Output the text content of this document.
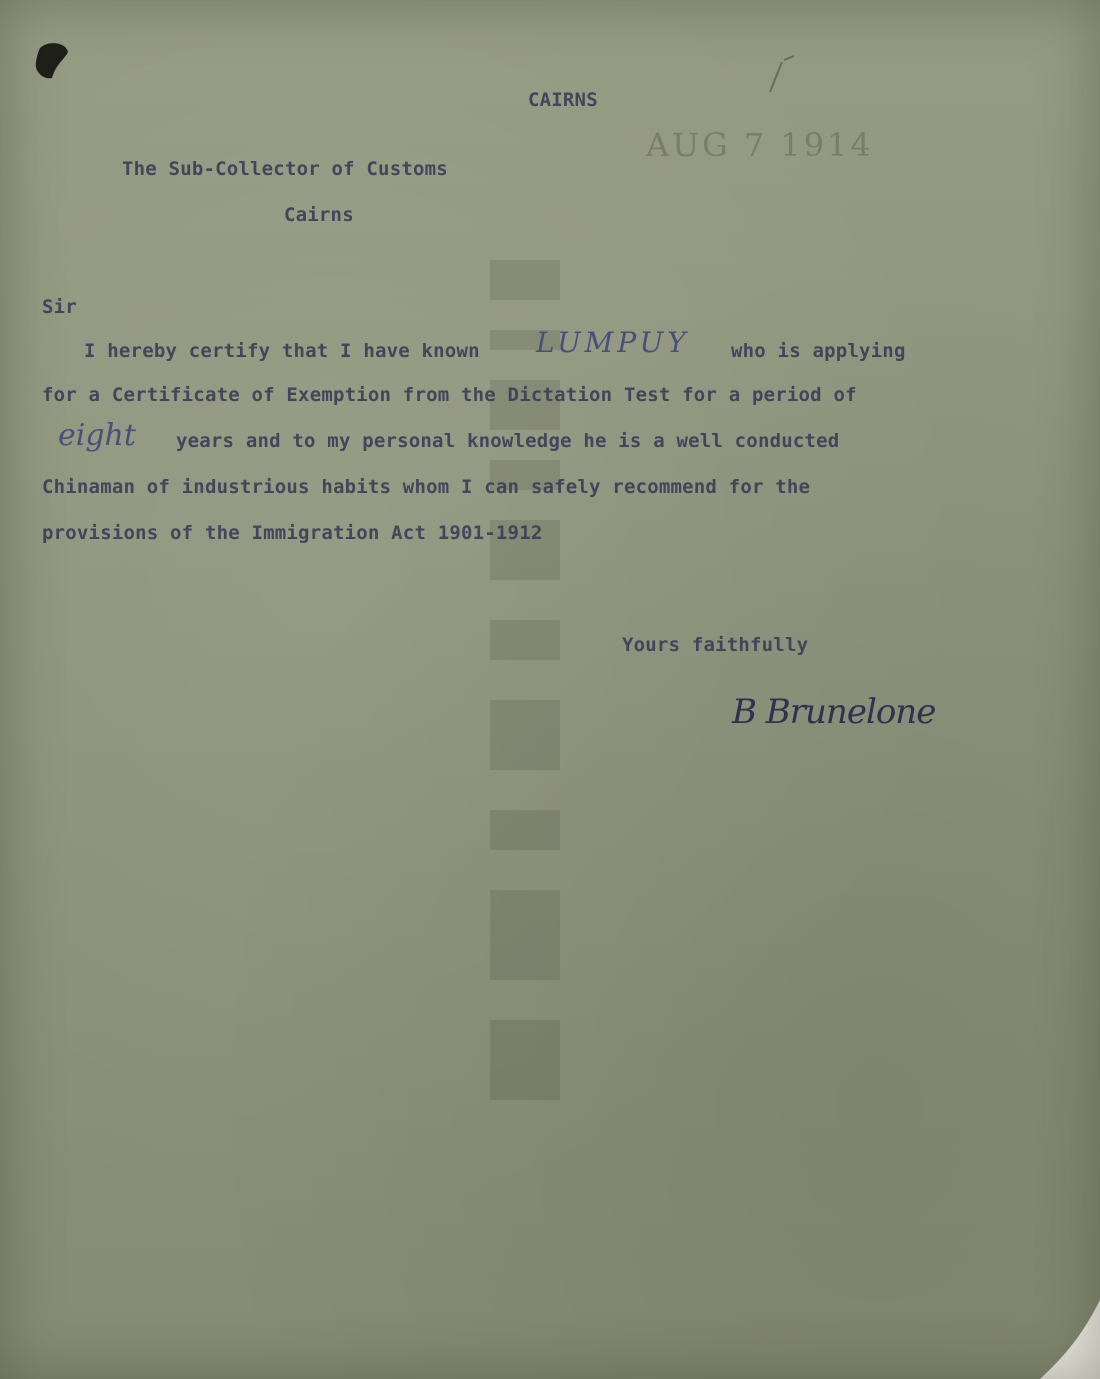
CAIRNS
AUG 7 1914
The Sub-Collector of Customs
Cairns
Sir
I hereby certify that I have known LUMPUY who is applying
for a Certificate of Exemption from the Dictation Test for a period of
eight years and to my personal knowledge he is a well conducted
Chinaman of industrious habits whom I can safely recommend for the
provisions of the Immigration Act 1901-1912
Yours faithfully
B Brunelone
